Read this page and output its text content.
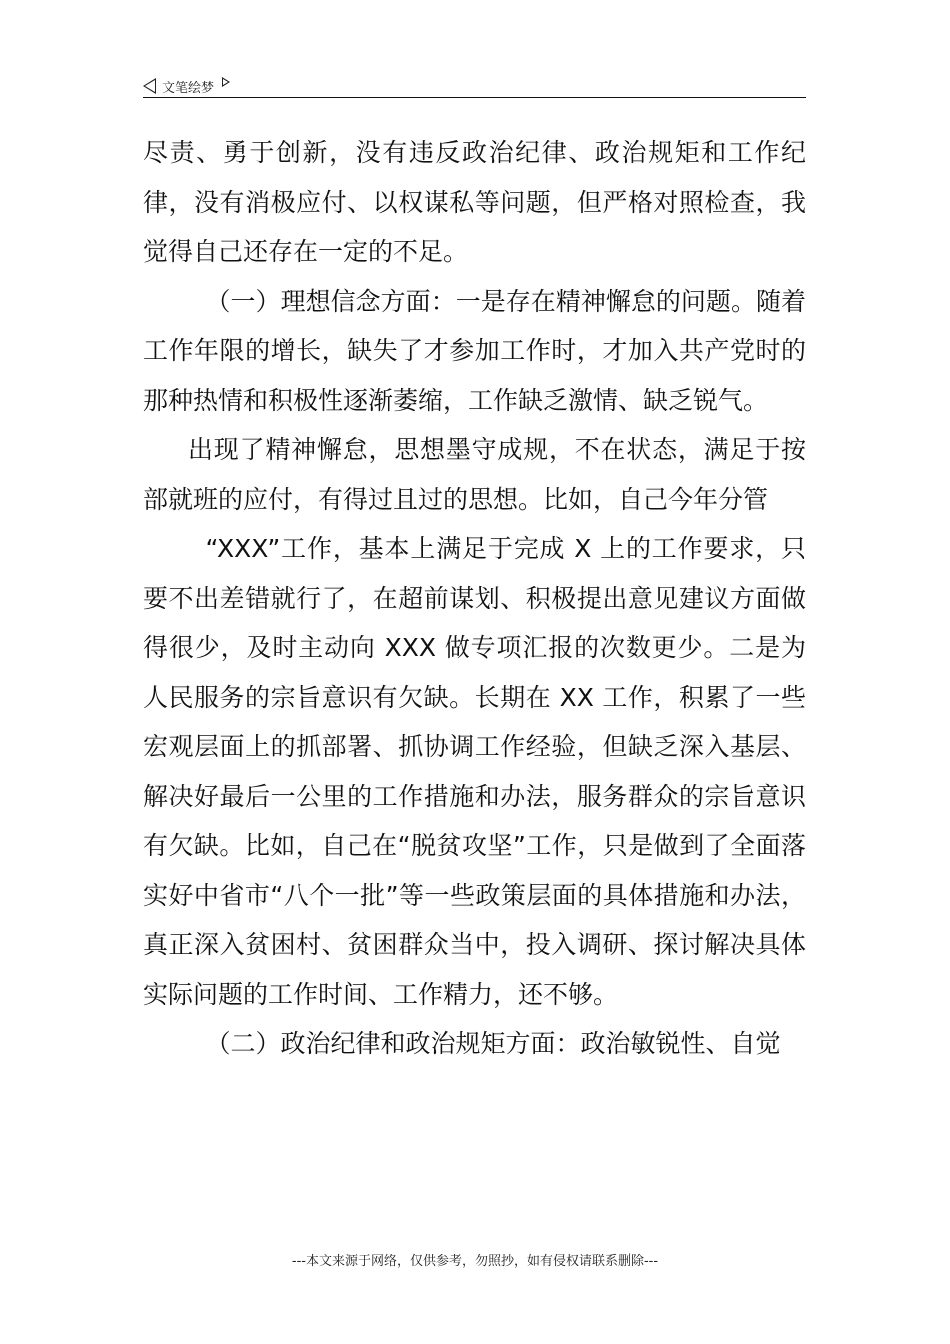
文笔绘梦

尽责、勇于创新，没有违反政治纪律、政治规矩和工作纪律，没有消极应付、以权谋私等问题，但严格对照检查，我觉得自己还存在一定的不足。

（一）理想信念方面：一是存在精神懈怠的问题。随着工作年限的增长，缺失了才参加工作时，才加入共产党时的那种热情和积极性逐渐萎缩，工作缺乏激情、缺乏锐气。

出现了精神懈怠，思想墨守成规，不在状态，满足于按部就班的应付，有得过且过的思想。比如，自己今年分管

“XXX”工作，基本上满足于完成 X 上的工作要求，只要不出差错就行了，在超前谋划、积极提出意见建议方面做得很少，及时主动向 XXX 做专项汇报的次数更少。二是为人民服务的宗旨意识有欠缺。长期在 XX 工作，积累了一些宏观层面上的抓部署、抓协调工作经验，但缺乏深入基层、解决好最后一公里的工作措施和办法，服务群众的宗旨意识有欠缺。比如，自己在“脱贫攻坚”工作，只是做到了全面落实好中省市“八个一批”等一些政策层面的具体措施和办法，真正深入贫困村、贫困群众当中，投入调研、探讨解决具体实际问题的工作时间、工作精力，还不够。

（二）政治纪律和政治规矩方面：政治敏锐性、自觉

---本文来源于网络，仅供参考，勿照抄，如有侵权请联系删除---
